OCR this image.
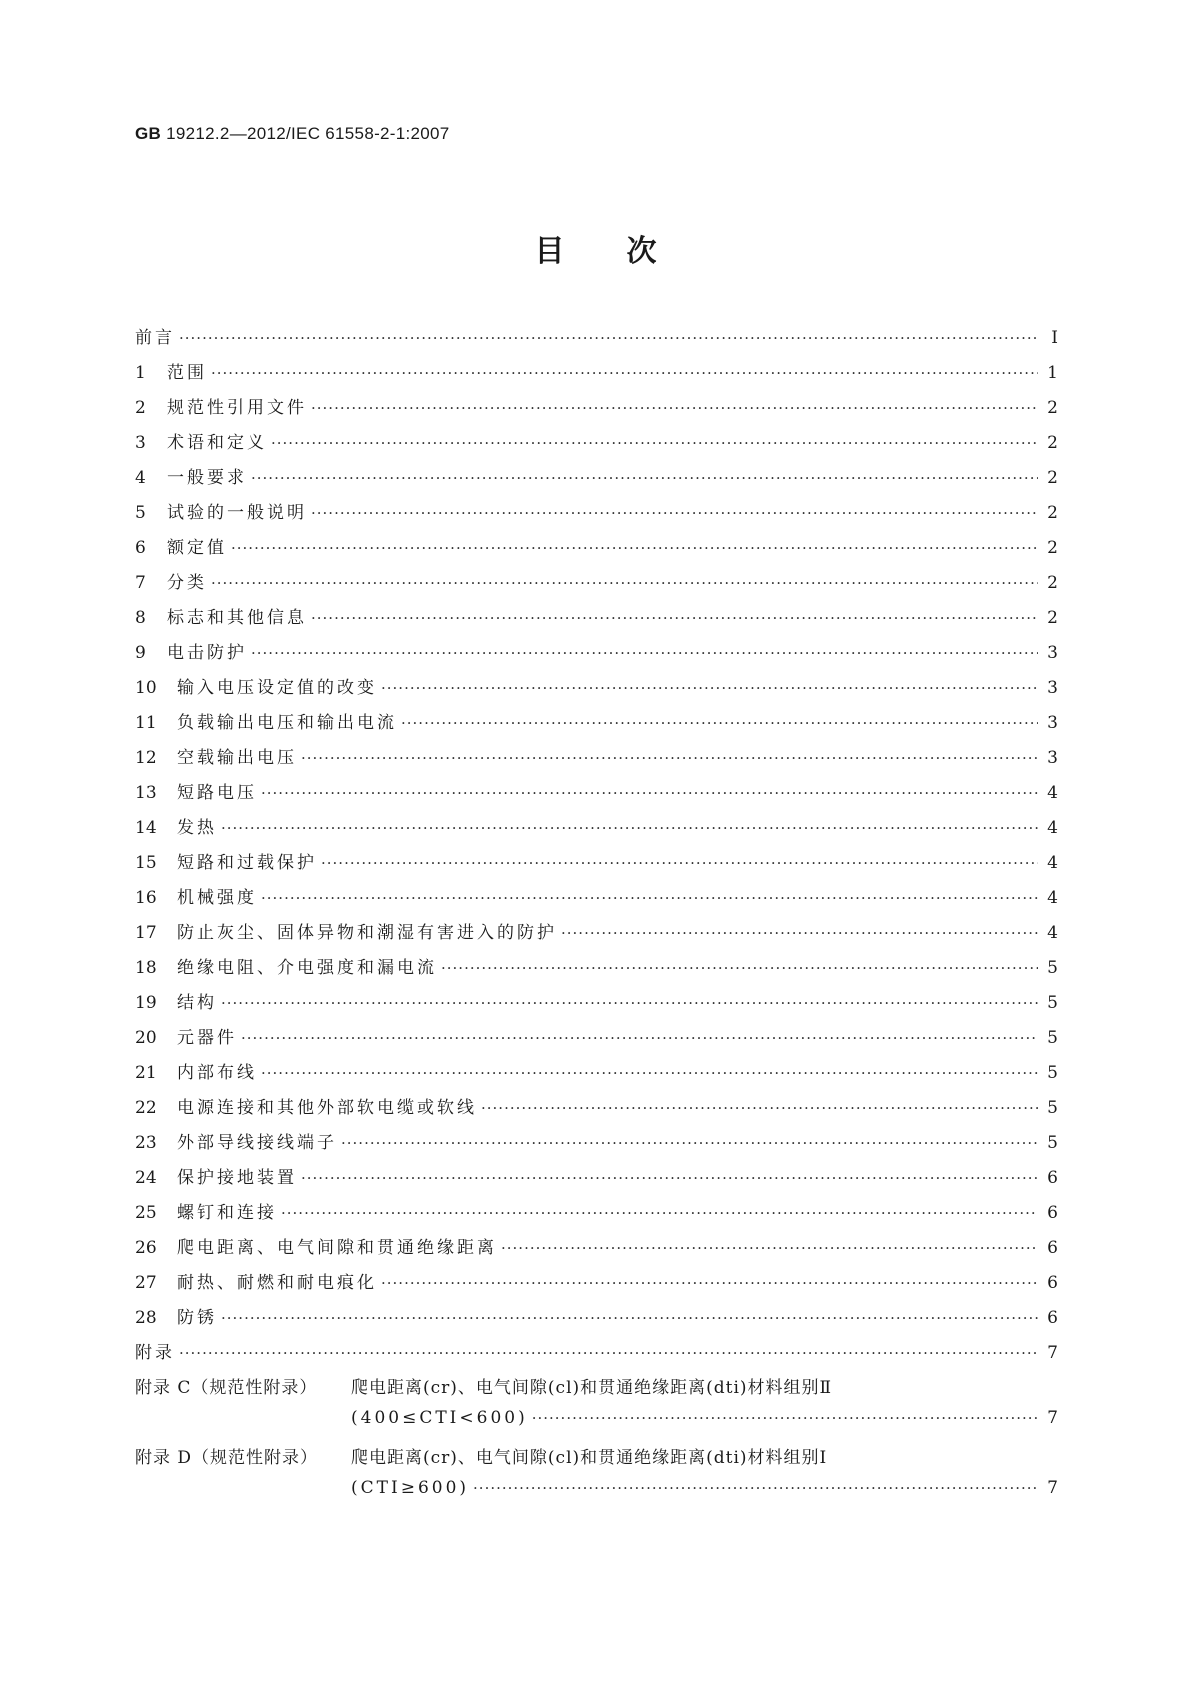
GB 19212.2—2012/IEC 61558-2-1:2007
目次
前言 ·····	Ⅰ
1	范围 ·····	1
2	规范性引用文件 ·····	2
3	术语和定义 ·····	2
4	一般要求 ·····	2
5	试验的一般说明 ·····	2
6	额定值 ·····	2
7	分类 ·····	2
8	标志和其他信息 ·····	2
9	电击防护 ·····	3
10	输入电压设定值的改变 ·····	3
11	负载输出电压和输出电流 ·····	3
12	空载输出电压 ·····	3
13	短路电压 ·····	4
14	发热 ·····	4
15	短路和过载保护 ·····	4
16	机械强度 ·····	4
17	防止灰尘、固体异物和潮湿有害进入的防护 ·····	4
18	绝缘电阻、介电强度和漏电流 ·····	5
19	结构 ·····	5
20	元器件 ·····	5
21	内部布线 ·····	5
22	电源连接和其他外部软电缆或软线 ·····	5
23	外部导线接线端子 ·····	5
24	保护接地装置 ·····	6
25	螺钉和连接 ·····	6
26	爬电距离、电气间隙和贯通绝缘距离 ·····	6
27	耐热、耐燃和耐电痕化 ·····	6
28	防锈 ·····	6
附录 ·····	7
附录 C（规范性附录）	爬电距离(cr)、电气间隙(cl)和贯通绝缘距离(dti)材料组别Ⅱ
(400≤CTI<600) ·····	7
附录 D（规范性附录）	爬电距离(cr)、电气间隙(cl)和贯通绝缘距离(dti)材料组别Ⅰ
(CTI≥600) ·····	7
